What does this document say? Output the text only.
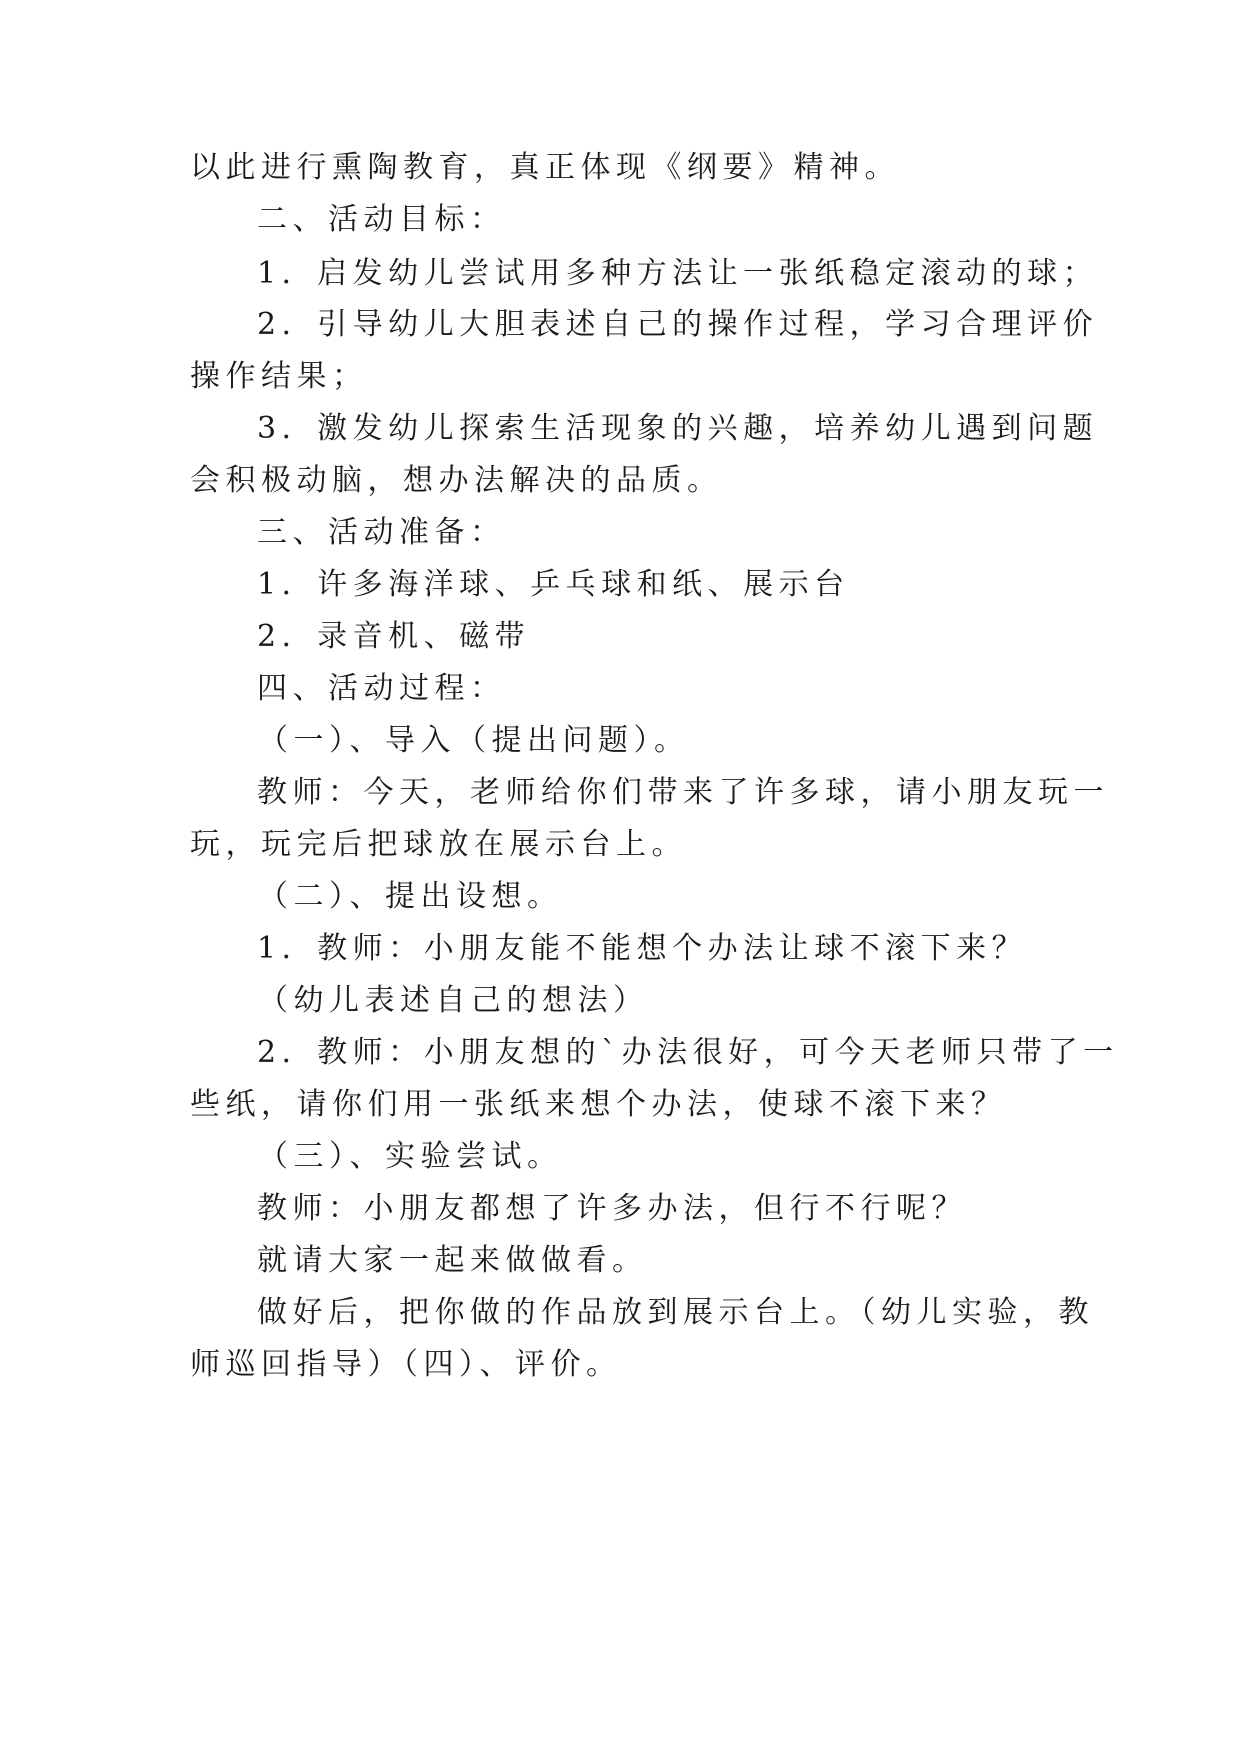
以此进行熏陶教育，真正体现《纲要》精神。
二、活动目标：
1．启发幼儿尝试用多种方法让一张纸稳定滚动的球；
2．引导幼儿大胆表述自己的操作过程，学习合理评价
操作结果；
3．激发幼儿探索生活现象的兴趣，培养幼儿遇到问题
会积极动脑，想办法解决的品质。
三、活动准备：
1．许多海洋球、乒乓球和纸、展示台
2．录音机、磁带
四、活动过程：
（一）、导入（提出问题）。
教师：今天，老师给你们带来了许多球，请小朋友玩一
玩，玩完后把球放在展示台上。
（二）、提出设想。
1．教师：小朋友能不能想个办法让球不滚下来？
（幼儿表述自己的想法）
2．教师：小朋友想的`办法很好，可今天老师只带了一
些纸，请你们用一张纸来想个办法，使球不滚下来？
（三）、实验尝试。
教师：小朋友都想了许多办法，但行不行呢？
就请大家一起来做做看。
做好后，把你做的作品放到展示台上。（幼儿实验，教
师巡回指导）（四）、评价。
